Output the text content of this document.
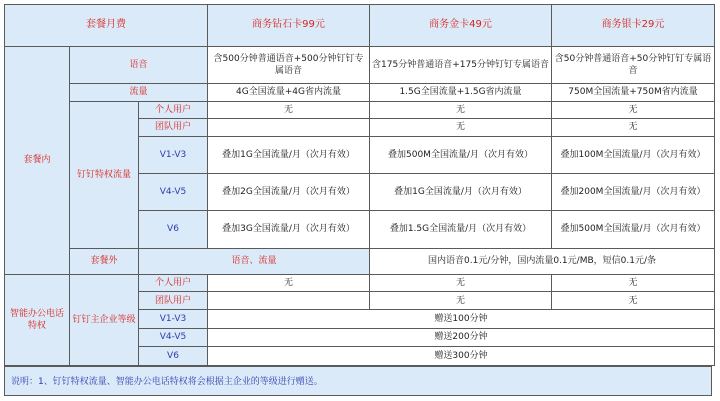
套餐月费			商务钻石卡99元	商务金卡49元	商务银卡29元
套餐内	语音		含500分钟普通语音+500分钟钉钉专属语音	含175分钟普通语音+175分钟钉钉专属语音	含50分钟普通语音+50分钟钉钉专属语音
	流量		4G全国流量+4G省内流量	1.5G全国流量+1.5G省内流量	750M全国流量+750M省内流量
	钉钉特权流量	个人用户	无	无	无
		团队用户		无	无
		V1-V3	叠加1G全国流量/月（次月有效）	叠加500M全国流量/月（次月有效）	叠加100M全国流量/月（次月有效）
		V4-V5	叠加2G全国流量/月（次月有效）	叠加1G全国流量/月（次月有效）	叠加200M全国流量/月（次月有效）
		V6	叠加3G全国流量/月（次月有效）	叠加1.5G全国流量/月（次月有效）	叠加500M全国流量/月（次月有效）
	套餐外	语音、流量		国内语音0.1元/分钟，国内流量0.1元/MB，短信0.1元/条	
智能办公电话特权	钉钉主企业等级	个人用户	无	无	无
		团队用户		无	无
		V1-V3	赠送100分钟		
		V4-V5	赠送200分钟		
		V6	赠送300分钟		
说明：1、钉钉特权流量、智能办公电话特权将会根据主企业的等级进行赠送。
